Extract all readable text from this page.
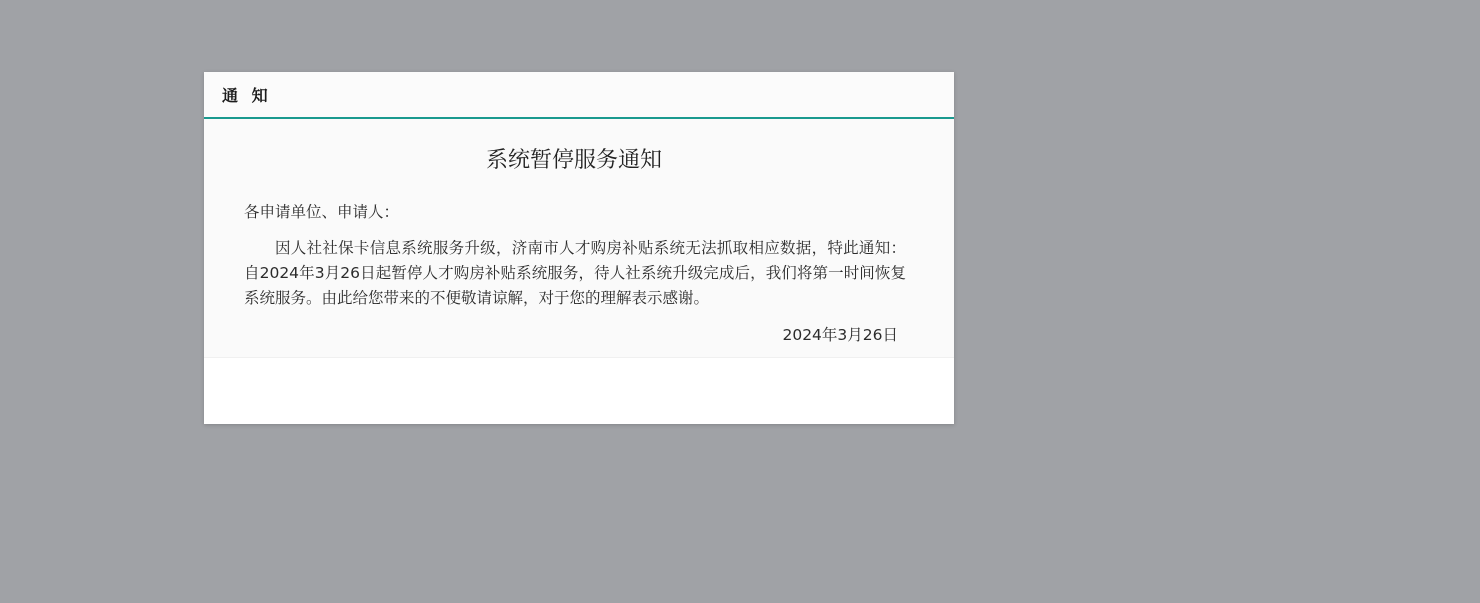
通 知
系统暂停服务通知
各申请单位、申请人：
因人社社保卡信息系统服务升级，济南市人才购房补贴系统无法抓取相应数据，特此通知：自2024年3月26日起暂停人才购房补贴系统服务，待人社系统升级完成后，我们将第一时间恢复系统服务。由此给您带来的不便敬请谅解，对于您的理解表示感谢。
2024年3月26日
